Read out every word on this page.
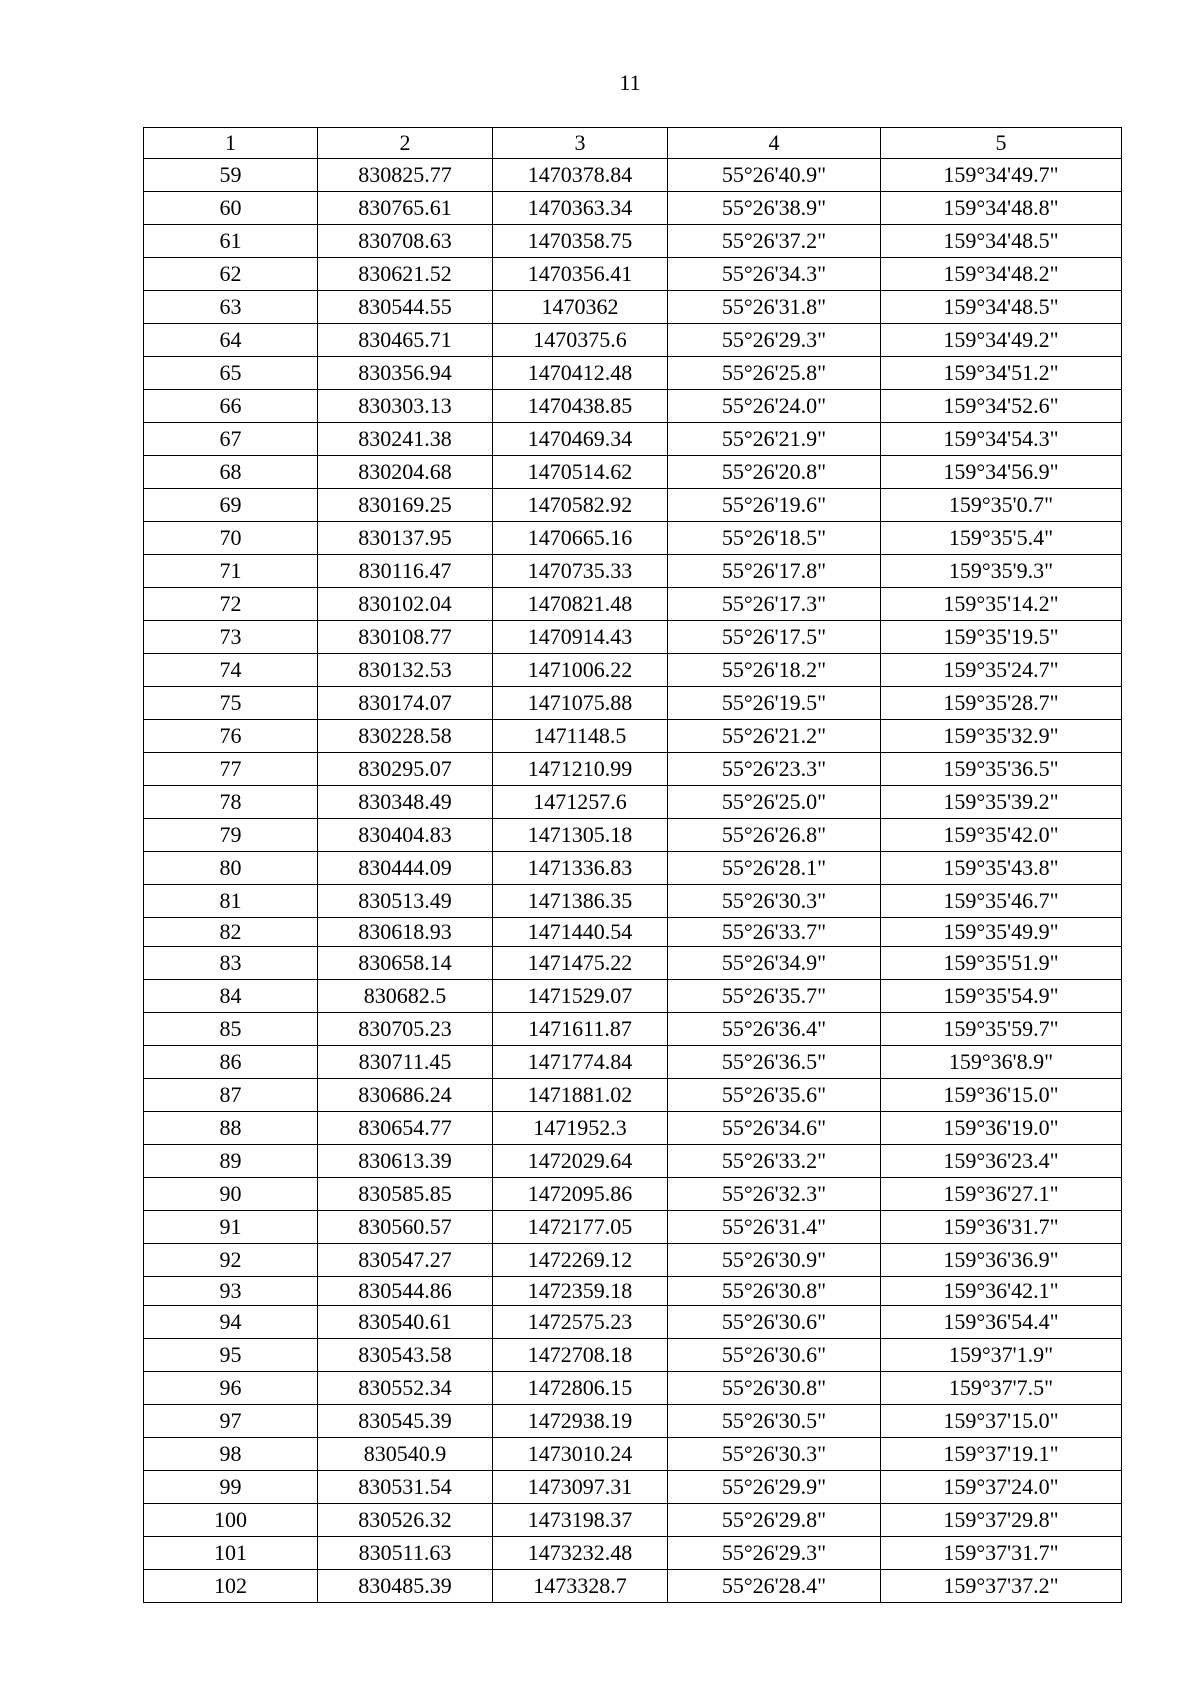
11
1	2	3	4	5
59	830825.77	1470378.84	55°26'40.9"	159°34'49.7"
60	830765.61	1470363.34	55°26'38.9"	159°34'48.8"
61	830708.63	1470358.75	55°26'37.2"	159°34'48.5"
62	830621.52	1470356.41	55°26'34.3"	159°34'48.2"
63	830544.55	1470362	55°26'31.8"	159°34'48.5"
64	830465.71	1470375.6	55°26'29.3"	159°34'49.2"
65	830356.94	1470412.48	55°26'25.8"	159°34'51.2"
66	830303.13	1470438.85	55°26'24.0"	159°34'52.6"
67	830241.38	1470469.34	55°26'21.9"	159°34'54.3"
68	830204.68	1470514.62	55°26'20.8"	159°34'56.9"
69	830169.25	1470582.92	55°26'19.6"	159°35'0.7"
70	830137.95	1470665.16	55°26'18.5"	159°35'5.4"
71	830116.47	1470735.33	55°26'17.8"	159°35'9.3"
72	830102.04	1470821.48	55°26'17.3"	159°35'14.2"
73	830108.77	1470914.43	55°26'17.5"	159°35'19.5"
74	830132.53	1471006.22	55°26'18.2"	159°35'24.7"
75	830174.07	1471075.88	55°26'19.5"	159°35'28.7"
76	830228.58	1471148.5	55°26'21.2"	159°35'32.9"
77	830295.07	1471210.99	55°26'23.3"	159°35'36.5"
78	830348.49	1471257.6	55°26'25.0"	159°35'39.2"
79	830404.83	1471305.18	55°26'26.8"	159°35'42.0"
80	830444.09	1471336.83	55°26'28.1"	159°35'43.8"
81	830513.49	1471386.35	55°26'30.3"	159°35'46.7"
82	830618.93	1471440.54	55°26'33.7"	159°35'49.9"
83	830658.14	1471475.22	55°26'34.9"	159°35'51.9"
84	830682.5	1471529.07	55°26'35.7"	159°35'54.9"
85	830705.23	1471611.87	55°26'36.4"	159°35'59.7"
86	830711.45	1471774.84	55°26'36.5"	159°36'8.9"
87	830686.24	1471881.02	55°26'35.6"	159°36'15.0"
88	830654.77	1471952.3	55°26'34.6"	159°36'19.0"
89	830613.39	1472029.64	55°26'33.2"	159°36'23.4"
90	830585.85	1472095.86	55°26'32.3"	159°36'27.1"
91	830560.57	1472177.05	55°26'31.4"	159°36'31.7"
92	830547.27	1472269.12	55°26'30.9"	159°36'36.9"
93	830544.86	1472359.18	55°26'30.8"	159°36'42.1"
94	830540.61	1472575.23	55°26'30.6"	159°36'54.4"
95	830543.58	1472708.18	55°26'30.6"	159°37'1.9"
96	830552.34	1472806.15	55°26'30.8"	159°37'7.5"
97	830545.39	1472938.19	55°26'30.5"	159°37'15.0"
98	830540.9	1473010.24	55°26'30.3"	159°37'19.1"
99	830531.54	1473097.31	55°26'29.9"	159°37'24.0"
100	830526.32	1473198.37	55°26'29.8"	159°37'29.8"
101	830511.63	1473232.48	55°26'29.3"	159°37'31.7"
102	830485.39	1473328.7	55°26'28.4"	159°37'37.2"
